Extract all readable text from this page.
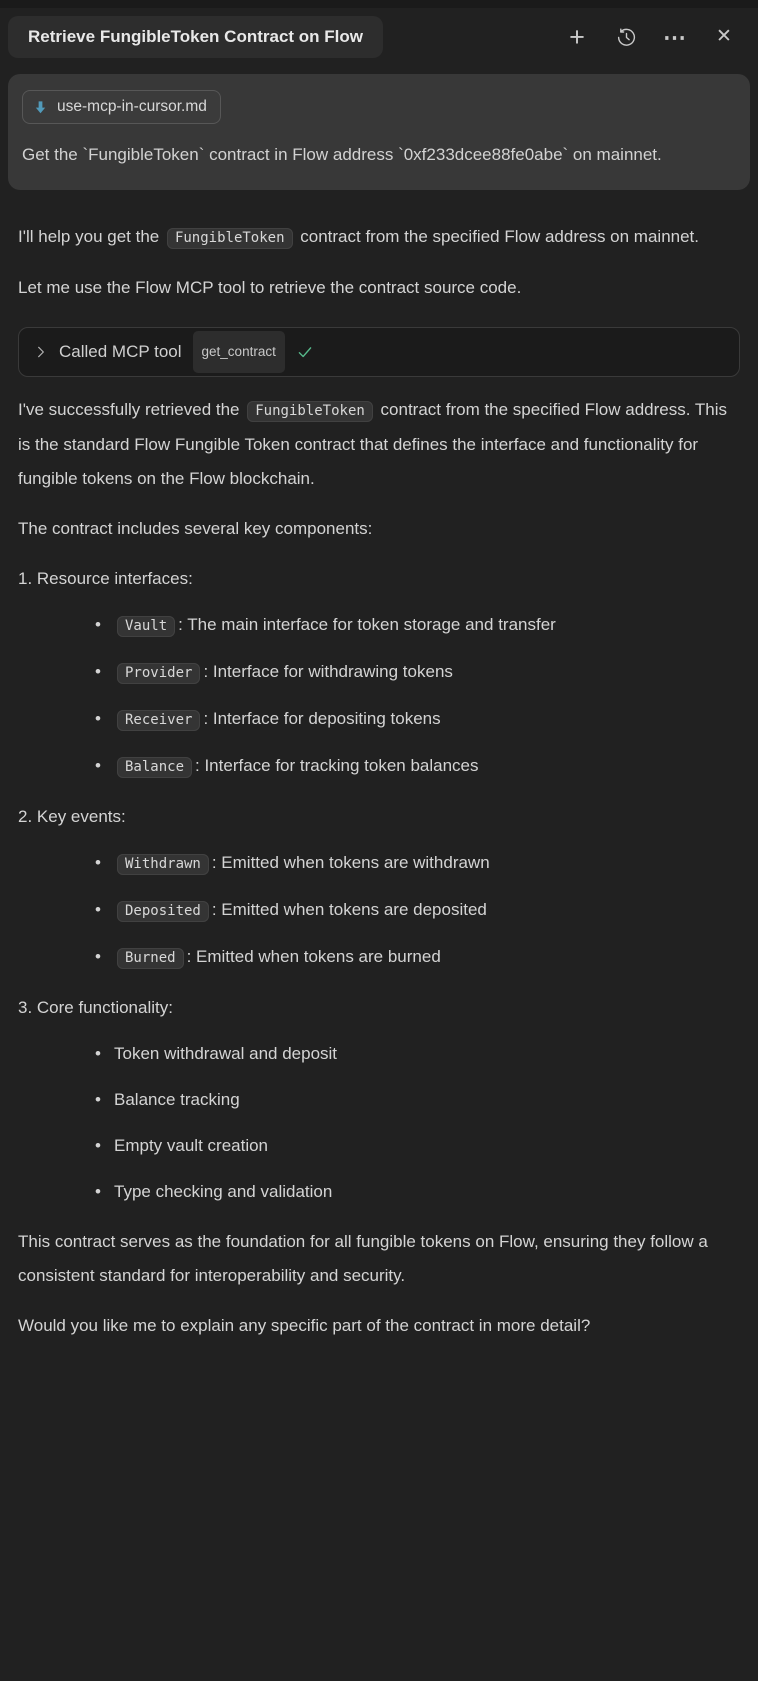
Retrieve FungibleToken Contract on Flow	+	⋯ ✕
use-mcp-in-cursor.md
Get the `FungibleToken` contract in Flow address `0xf233dcee88fe0abe` on mainnet.

I'll help you get the FungibleToken contract from the specified Flow address on mainnet.

Let me use the Flow MCP tool to retrieve the contract source code.

Called MCP tool	get_contract

I've successfully retrieved the FungibleToken contract from the specified Flow address. This is the standard Flow Fungible Token contract that defines the interface and functionality for fungible tokens on the Flow blockchain.

The contract includes several key components:

1. Resource interfaces:

• Vault : The main interface for token storage and transfer
• Provider : Interface for withdrawing tokens
• Receiver : Interface for depositing tokens
• Balance : Interface for tracking token balances

2. Key events:

• Withdrawn : Emitted when tokens are withdrawn
• Deposited : Emitted when tokens are deposited
• Burned : Emitted when tokens are burned

3. Core functionality:

• Token withdrawal and deposit
• Balance tracking
• Empty vault creation
• Type checking and validation

This contract serves as the foundation for all fungible tokens on Flow, ensuring they follow a consistent standard for interoperability and security.

Would you like me to explain any specific part of the contract in more detail?
